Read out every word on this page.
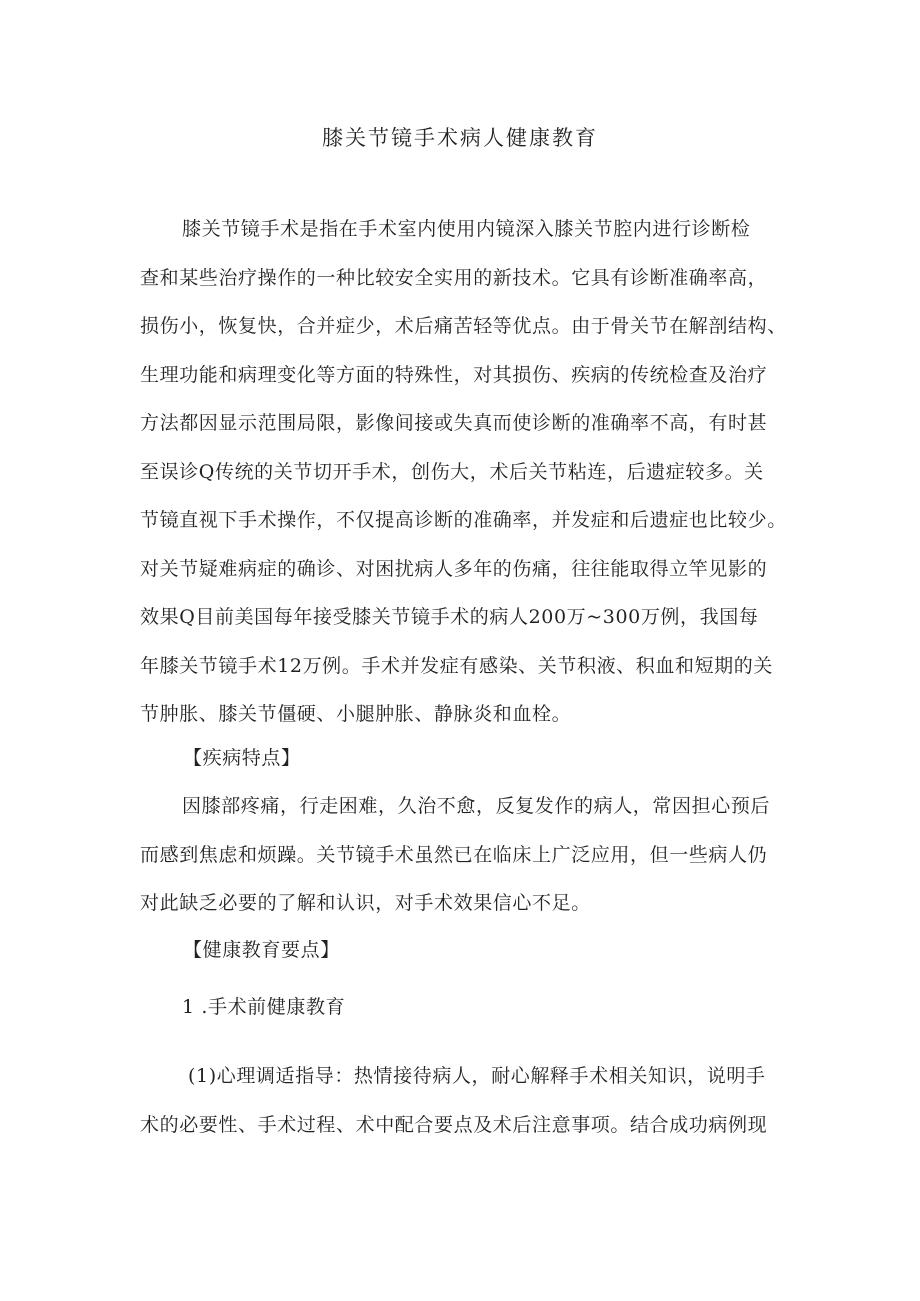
膝关节镜手术病人健康教育

膝关节镜手术是指在手术室内使用内镜深入膝关节腔内进行诊断检
查和某些治疗操作的一种比较安全实用的新技术。它具有诊断准确率高，
损伤小，恢复快，合并症少，术后痛苦轻等优点。由于骨关节在解剖结构、
生理功能和病理变化等方面的特殊性，对其损伤、疾病的传统检查及治疗
方法都因显示范围局限，影像间接或失真而使诊断的准确率不高，有时甚
至误诊Q传统的关节切开手术，创伤大，术后关节粘连，后遗症较多。关
节镜直视下手术操作，不仅提高诊断的准确率，并发症和后遗症也比较少。
对关节疑难病症的确诊、对困扰病人多年的伤痛，往往能取得立竿见影的
效果Q目前美国每年接受膝关节镜手术的病人200万~300万例，我国每
年膝关节镜手术12万例。手术并发症有感染、关节积液、积血和短期的关
节肿胀、膝关节僵硬、小腿肿胀、静脉炎和血栓。

【疾病特点】

因膝部疼痛，行走困难，久治不愈，反复发作的病人，常因担心预后
而感到焦虑和烦躁。关节镜手术虽然已在临床上广泛应用，但一些病人仍
对此缺乏必要的了解和认识，对手术效果信心不足。

【健康教育要点】

1 .手术前健康教育

(1)心理调适指导：热情接待病人，耐心解释手术相关知识，说明手
术的必要性、手术过程、术中配合要点及术后注意事项。结合成功病例现
